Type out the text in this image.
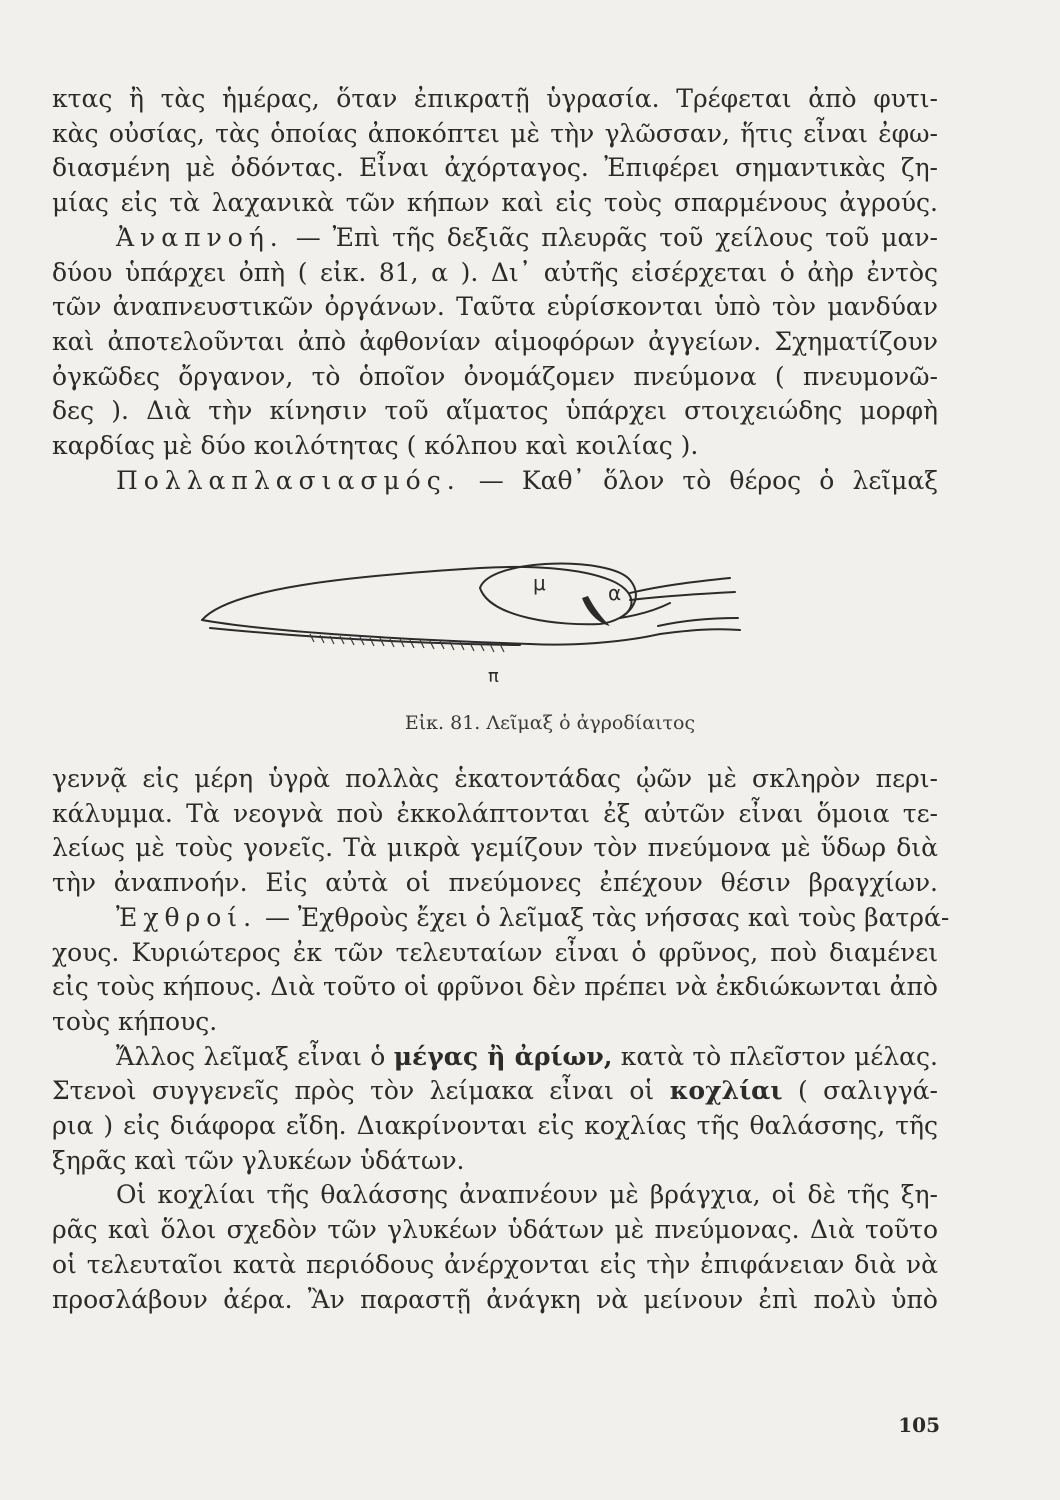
κτας ἢ τὰς ἡμέρας, ὅταν ἐπικρατῇ ὑγρασία. Τρέφεται ἀπὸ φυτι-
κὰς οὐσίας, τὰς ὁποίας ἀποκόπτει μὲ τὴν γλῶσσαν, ἥτις εἶναι ἐφω-
διασμένη μὲ ὀδόντας. Εἶναι ἀχόρταγος. Ἐπιφέρει σημαντικὰς ζη-
μίας εἰς τὰ λαχανικὰ τῶν κήπων καὶ εἰς τοὺς σπαρμένους ἀγρούς.
Ἀναπνοή. — Ἐπὶ τῆς δεξιᾶς πλευρᾶς τοῦ χείλους τοῦ μαν-
δύου ὑπάρχει ὀπὴ ( εἰκ. 81, α ). Δι᾽ αὐτῆς εἰσέρχεται ὁ ἀὴρ ἐντὸς
τῶν ἀναπνευστικῶν ὀργάνων. Ταῦτα εὑρίσκονται ὑπὸ τὸν μανδύαν
καὶ ἀποτελοῦνται ἀπὸ ἀφθονίαν αἱμοφόρων ἀγγείων. Σχηματίζουν
ὀγκῶδες ὄργανον, τὸ ὁποῖον ὀνομάζομεν πνεύμονα ( πνευμονῶ-
δες ). Διὰ τὴν κίνησιν τοῦ αἵματος ὑπάρχει στοιχειώδης μορφὴ
καρδίας μὲ δύο κοιλότητας ( κόλπου καὶ κοιλίας ).
Πολλαπλασιασμός. — Καθ᾽ ὅλον τὸ θέρος ὁ λεῖμαξ
μ	α
π
Εἰκ. 81. Λεῖμαξ ὁ ἀγροδίαιτος
γεννᾷ εἰς μέρη ὑγρὰ πολλὰς ἑκατοντάδας ᾠῶν μὲ σκληρὸν περι-
κάλυμμα. Τὰ νεογνὰ ποὺ ἐκκολάπτονται ἐξ αὐτῶν εἶναι ὅμοια τε-
λείως μὲ τοὺς γονεῖς. Τὰ μικρὰ γεμίζουν τὸν πνεύμονα μὲ ὕδωρ διὰ
τὴν ἀναπνοήν. Εἰς αὐτὰ οἱ πνεύμονες ἐπέχουν θέσιν βραγχίων.
Ἐχθροί. — Ἐχθροὺς ἔχει ὁ λεῖμαξ τὰς νήσσας καὶ τοὺς βατρά-
χους. Κυριώτερος ἐκ τῶν τελευταίων εἶναι ὁ φρῦνος, ποὺ διαμένει
εἰς τοὺς κήπους. Διὰ τοῦτο οἱ φρῦνοι δὲν πρέπει νὰ ἐκδιώκωνται ἀπὸ
τοὺς κήπους.
Ἄλλος λεῖμαξ εἶναι ὁ μέγας ἢ ἀρίων, κατὰ τὸ πλεῖστον μέλας.
Στενοὶ συγγενεῖς πρὸς τὸν λείμακα εἶναι οἱ κοχλίαι ( σαλιγγά-
ρια ) εἰς διάφορα εἴδη. Διακρίνονται εἰς κοχλίας τῆς θαλάσσης, τῆς
ξηρᾶς καὶ τῶν γλυκέων ὑδάτων.
Οἱ κοχλίαι τῆς θαλάσσης ἀναπνέουν μὲ βράγχια, οἱ δὲ τῆς ξη-
ρᾶς καὶ ὅλοι σχεδὸν τῶν γλυκέων ὑδάτων μὲ πνεύμονας. Διὰ τοῦτο
οἱ τελευταῖοι κατὰ περιόδους ἀνέρχονται εἰς τὴν ἐπιφάνειαν διὰ νὰ
προσλάβουν ἀέρα. Ἂν παραστῇ ἀνάγκη νὰ μείνουν ἐπὶ πολὺ ὑπὸ
105
